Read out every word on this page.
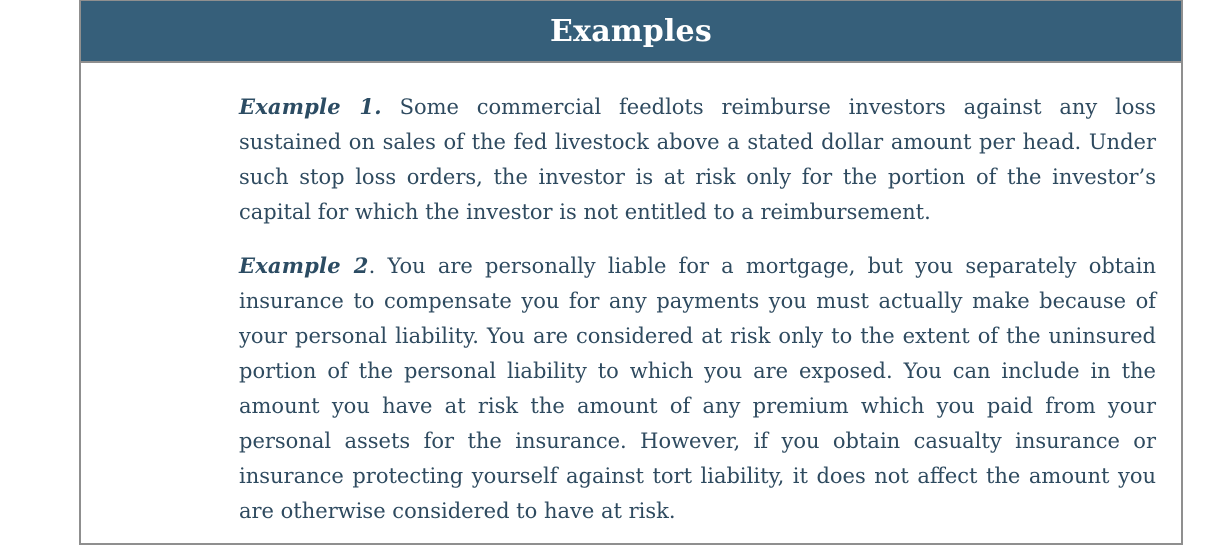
Examples

Example 1. Some commercial feedlots reimburse investors against any loss sustained on sales of the fed livestock above a stated dollar amount per head. Under such stop loss orders, the investor is at risk only for the portion of the investor’s capital for which the investor is not entitled to a reimbursement.

Example 2. You are personally liable for a mortgage, but you separately obtain insurance to compensate you for any payments you must actually make because of your personal liability. You are considered at risk only to the extent of the uninsured portion of the personal liability to which you are exposed. You can include in the amount you have at risk the amount of any premium which you paid from your personal assets for the insurance. However, if you obtain casualty insurance or insurance protecting yourself against tort liability, it does not affect the amount you are otherwise considered to have at risk.
